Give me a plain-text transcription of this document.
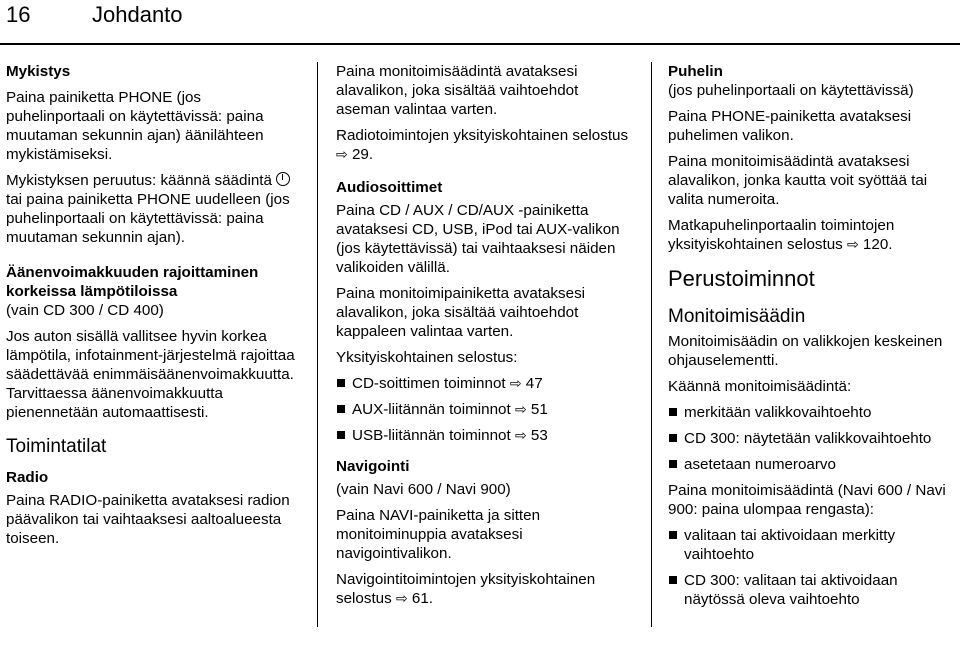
16	Johdanto

Mykistys

Paina painiketta PHONE (jos puhelinportaali on käytettävissä: paina muutaman sekunnin ajan) äänilähteen mykistämiseksi.

Mykistyksen peruutus: käännä säädintä  tai paina painiketta PHONE uudelleen (jos puhelinportaali on käytettävissä: paina muutaman sekunnin ajan).

Äänenvoimakkuuden rajoittaminen korkeissa lämpötiloissa

(vain CD 300 / CD 400)

Jos auton sisällä vallitsee hyvin korkea lämpötila, infotainment-järjestelmä rajoittaa säädettävää enimmäisäänenvoimakkuutta. Tarvittaessa äänenvoimakkuutta pienennetään automaattisesti.

Toimintatilat

Radio

Paina RADIO-painiketta avataksesi radion päävalikon tai vaihtaaksesi aaltoalueesta toiseen.

Paina monitoimisäädintä avataksesi alavalikon, joka sisältää vaihtoehdot aseman valintaa varten.

Radiotoimintojen yksityiskohtainen selostus ⇨ 29.

Audiosoittimet

Paina CD / AUX / CD/AUX -painiketta avataksesi CD, USB, iPod tai AUX-valikon (jos käytettävissä) tai vaihtaaksesi näiden valikoiden välillä.

Paina monitoimipainiketta avataksesi alavalikon, joka sisältää vaihtoehdot kappaleen valintaa varten.

Yksityiskohtainen selostus:

CD-soittimen toiminnot ⇨ 47
AUX-liitännän toiminnot ⇨ 51
USB-liitännän toiminnot ⇨ 53

Navigointi

(vain Navi 600 / Navi 900)

Paina NAVI-painiketta ja sitten monitoiminuppia avataksesi navigointivalikon.

Navigointitoimintojen yksityiskohtainen selostus ⇨ 61.

Puhelin

(jos puhelinportaali on käytettävissä)

Paina PHONE-painiketta avataksesi puhelimen valikon.

Paina monitoimisäädintä avataksesi alavalikon, jonka kautta voit syöttää tai valita numeroita.

Matkapuhelinportaalin toimintojen yksityiskohtainen selostus ⇨ 120.

Perustoiminnot

Monitoimisäädin

Monitoimisäädin on valikkojen keskeinen ohjauselementti.

Käännä monitoimisäädintä:

merkitään valikkovaihtoehto
CD 300: näytetään valikkovaihtoehto
asetetaan numeroarvo

Paina monitoimisäädintä (Navi 600 / Navi 900: paina ulompaa rengasta):

valitaan tai aktivoidaan merkitty vaihtoehto
CD 300: valitaan tai aktivoidaan näytössä oleva vaihtoehto
